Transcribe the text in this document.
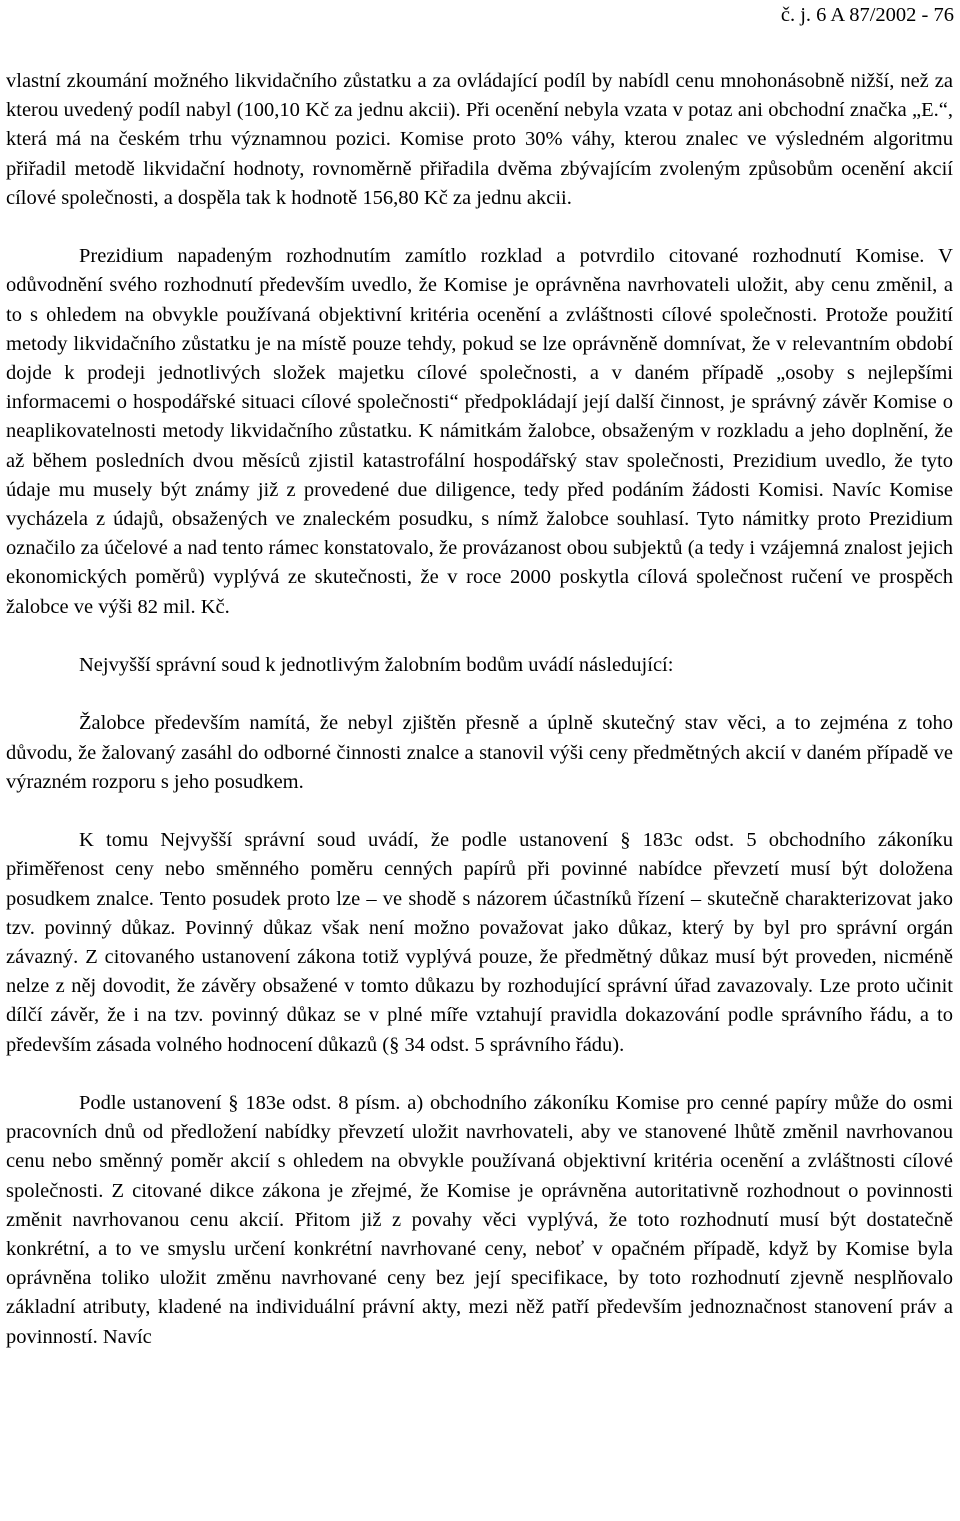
č. j. 6 A 87/2002 - 76

vlastní zkoumání možného likvidačního zůstatku a za ovládající podíl by nabídl cenu mnohonásobně nižší, než za kterou uvedený podíl nabyl (100,10 Kč za jednu akcii). Při ocenění nebyla vzata v potaz ani obchodní značka „E.“, která má na českém trhu významnou pozici. Komise proto 30% váhy, kterou znalec ve výsledném algoritmu přiřadil metodě likvidační hodnoty, rovnoměrně přiřadila dvěma zbývajícím zvoleným způsobům ocenění akcií cílové společnosti, a dospěla tak k hodnotě 156,80 Kč za jednu akcii.

Prezidium napadeným rozhodnutím zamítlo rozklad a potvrdilo citované rozhodnutí Komise. V odůvodnění svého rozhodnutí především uvedlo, že Komise je oprávněna navrhovateli uložit, aby cenu změnil, a to s ohledem na obvykle používaná objektivní kritéria ocenění a zvláštnosti cílové společnosti. Protože použití metody likvidačního zůstatku je na místě pouze tehdy, pokud se lze oprávněně domnívat, že v relevantním období dojde k prodeji jednotlivých složek majetku cílové společnosti, a v daném případě „osoby s nejlepšími informacemi o hospodářské situaci cílové společnosti“ předpokládají její další činnost, je správný závěr Komise o neaplikovatelnosti metody likvidačního zůstatku. K námitkám žalobce, obsaženým v rozkladu a jeho doplnění, že až během posledních dvou měsíců zjistil katastrofální hospodářský stav společnosti, Prezidium uvedlo, že tyto údaje mu musely být známy již z provedené due diligence, tedy před podáním žádosti Komisi. Navíc Komise vycházela z údajů, obsažených ve znaleckém posudku, s nímž žalobce souhlasí. Tyto námitky proto Prezidium označilo za účelové a nad tento rámec konstatovalo, že provázanost obou subjektů (a tedy i vzájemná znalost jejich ekonomických poměrů) vyplývá ze skutečnosti, že v roce 2000 poskytla cílová společnost ručení ve prospěch žalobce ve výši 82 mil. Kč.

Nejvyšší správní soud k jednotlivým žalobním bodům uvádí následující:

Žalobce především namítá, že nebyl zjištěn přesně a úplně skutečný stav věci, a to zejména z toho důvodu, že žalovaný zasáhl do odborné činnosti znalce a stanovil výši ceny předmětných akcií v daném případě ve výrazném rozporu s jeho posudkem.

K tomu Nejvyšší správní soud uvádí, že podle ustanovení § 183c odst. 5 obchodního zákoníku přiměřenost ceny nebo směnného poměru cenných papírů při povinné nabídce převzetí musí být doložena posudkem znalce. Tento posudek proto lze – ve shodě s názorem účastníků řízení – skutečně charakterizovat jako tzv. povinný důkaz. Povinný důkaz však není možno považovat jako důkaz, který by byl pro správní orgán závazný. Z citovaného ustanovení zákona totiž vyplývá pouze, že předmětný důkaz musí být proveden, nicméně nelze z něj dovodit, že závěry obsažené v tomto důkazu by rozhodující správní úřad zavazovaly. Lze proto učinit dílčí závěr, že i na tzv. povinný důkaz se v plné míře vztahují pravidla dokazování podle správního řádu, a to především zásada volného hodnocení důkazů (§ 34 odst. 5 správního řádu).

Podle ustanovení § 183e odst. 8 písm. a) obchodního zákoníku Komise pro cenné papíry může do osmi pracovních dnů od předložení nabídky převzetí uložit navrhovateli, aby ve stanovené lhůtě změnil navrhovanou cenu nebo směnný poměr akcií s ohledem na obvykle používaná objektivní kritéria ocenění a zvláštnosti cílové společnosti. Z citované dikce zákona je zřejmé, že Komise je oprávněna autoritativně rozhodnout o povinnosti změnit navrhovanou cenu akcií. Přitom již z povahy věci vyplývá, že toto rozhodnutí musí být dostatečně konkrétní, a to ve smyslu určení konkrétní navrhované ceny, neboť v opačném případě, když by Komise byla oprávněna toliko uložit změnu navrhované ceny bez její specifikace, by toto rozhodnutí zjevně nesplňovalo základní atributy, kladené na individuální právní akty, mezi něž patří především jednoznačnost stanovení práv a povinností. Navíc
